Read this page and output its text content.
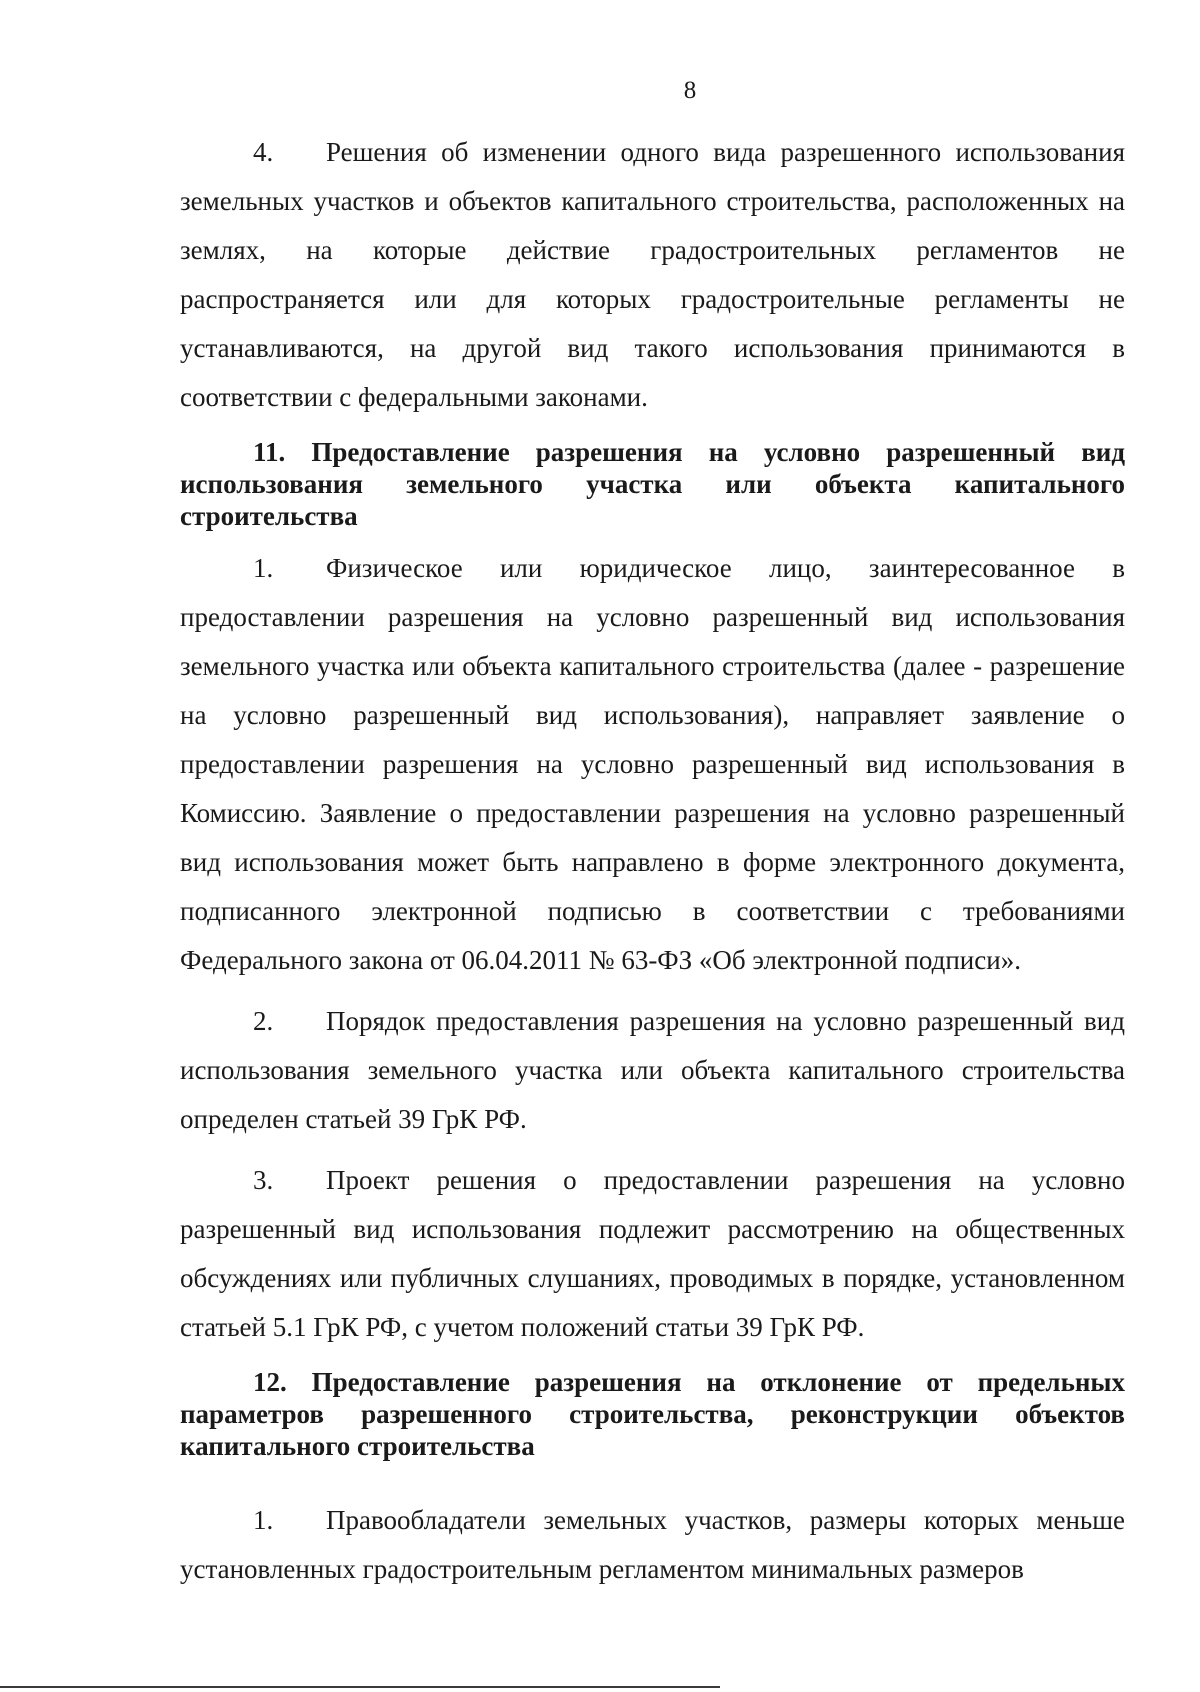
8

4. Решения об изменении одного вида разрешенного использования земельных участков и объектов капитального строительства, расположенных на землях, на которые действие градостроительных регламентов не распространяется или для которых градостроительные регламенты не устанавливаются, на другой вид такого использования принимаются в соответствии с федеральными законами.

11. Предоставление разрешения на условно разрешенный вид использования земельного участка или объекта капитального строительства

1. Физическое или юридическое лицо, заинтересованное в предоставлении разрешения на условно разрешенный вид использования земельного участка или объекта капитального строительства (далее - разрешение на условно разрешенный вид использования), направляет заявление о предоставлении разрешения на условно разрешенный вид использования в Комиссию. Заявление о предоставлении разрешения на условно разрешенный вид использования может быть направлено в форме электронного документа, подписанного электронной подписью в соответствии с требованиями Федерального закона от 06.04.2011 № 63-ФЗ «Об электронной подписи».

2. Порядок предоставления разрешения на условно разрешенный вид использования земельного участка или объекта капитального строительства определен статьей 39 ГрК РФ.

3. Проект решения о предоставлении разрешения на условно разрешенный вид использования подлежит рассмотрению на общественных обсуждениях или публичных слушаниях, проводимых в порядке, установленном статьей 5.1 ГрК РФ, с учетом положений статьи 39 ГрК РФ.

12. Предоставление разрешения на отклонение от предельных параметров разрешенного строительства, реконструкции объектов капитального строительства

1. Правообладатели земельных участков, размеры которых меньше установленных градостроительным регламентом минимальных размеров
